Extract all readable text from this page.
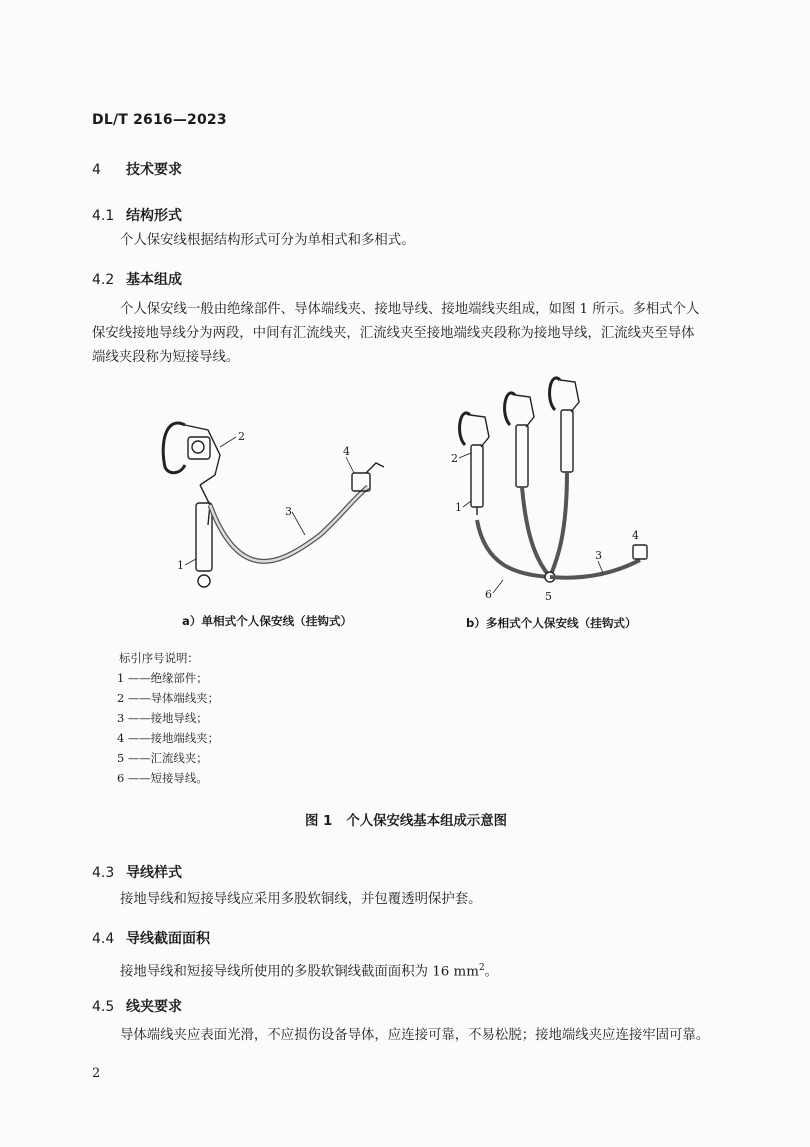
DL/T 2616—2023
4 技术要求
4.1 结构形式
个人保安线根据结构形式可分为单相式和多相式。
4.2 基本组成
个人保安线一般由绝缘部件、导体端线夹、接地导线、接地端线夹组成，如图 1 所示。多相式个人
保安线接地导线分为两段，中间有汇流线夹，汇流线夹至接地端线夹段称为接地导线，汇流线夹至导体
端线夹段称为短接导线。
2
4
3
1
2
1
4
3
5
6
a）单相式个人保安线（挂钩式）	b）多相式个人保安线（挂钩式）
标引序号说明：
1 ——绝缘部件；
2 ——导体端线夹；
3 ——接地导线；
4 ——接地端线夹；
5 ——汇流线夹；
6 ——短接导线。
图 1   个人保安线基本组成示意图
4.3 导线样式
接地导线和短接导线应采用多股软铜线，并包覆透明保护套。
4.4 导线截面面积
接地导线和短接导线所使用的多股软铜线截面面积为 16 $mm^2$。
4.5 线夹要求
导体端线夹应表面光滑，不应损伤设备导体，应连接可靠，不易松脱；接地端线夹应连接牢固可靠。
2
